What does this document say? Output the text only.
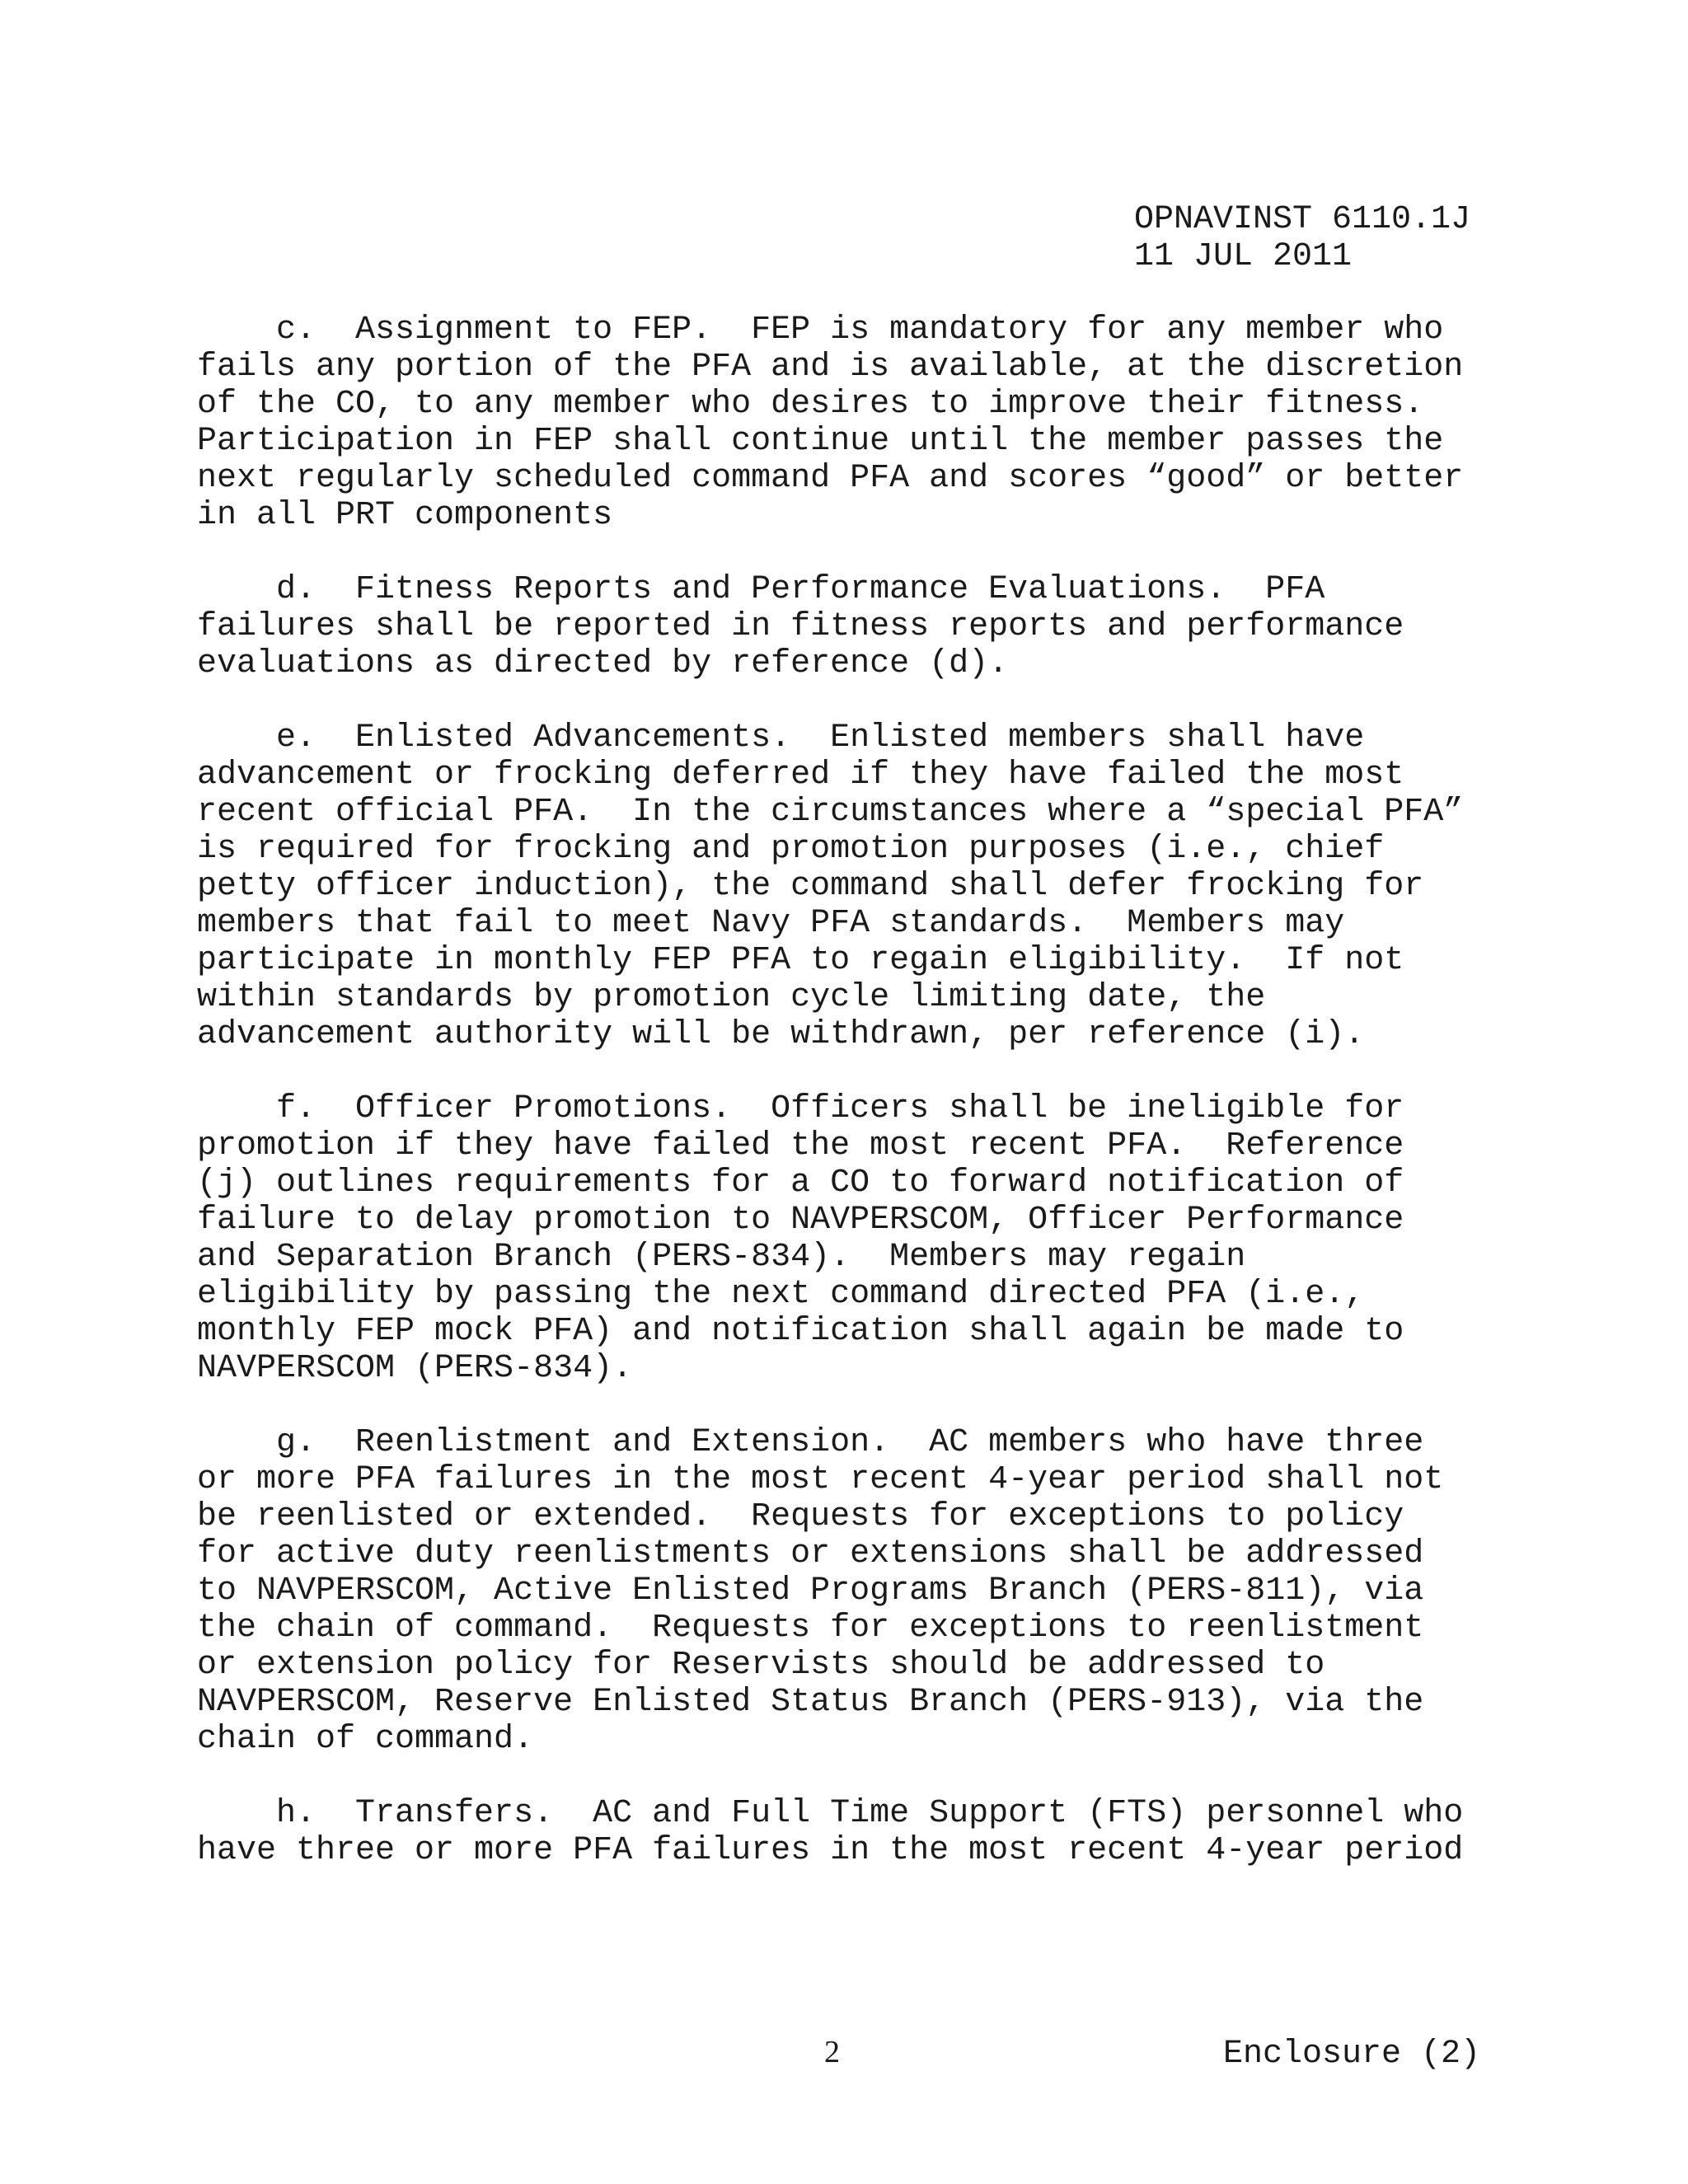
OPNAVINST 6110.1J
11 JUL 2011
c.  Assignment to FEP.  FEP is mandatory for any member who
fails any portion of the PFA and is available, at the discretion
of the CO, to any member who desires to improve their fitness.
Participation in FEP shall continue until the member passes the
next regularly scheduled command PFA and scores “good” or better
in all PRT components
d.  Fitness Reports and Performance Evaluations.  PFA
failures shall be reported in fitness reports and performance
evaluations as directed by reference (d).
e.  Enlisted Advancements.  Enlisted members shall have
advancement or frocking deferred if they have failed the most
recent official PFA.  In the circumstances where a “special PFA”
is required for frocking and promotion purposes (i.e., chief
petty officer induction), the command shall defer frocking for
members that fail to meet Navy PFA standards.  Members may
participate in monthly FEP PFA to regain eligibility.  If not
within standards by promotion cycle limiting date, the
advancement authority will be withdrawn, per reference (i).
f.  Officer Promotions.  Officers shall be ineligible for
promotion if they have failed the most recent PFA.  Reference
(j) outlines requirements for a CO to forward notification of
failure to delay promotion to NAVPERSCOM, Officer Performance
and Separation Branch (PERS-834).  Members may regain
eligibility by passing the next command directed PFA (i.e.,
monthly FEP mock PFA) and notification shall again be made to
NAVPERSCOM (PERS-834).
g.  Reenlistment and Extension.  AC members who have three
or more PFA failures in the most recent 4-year period shall not
be reenlisted or extended.  Requests for exceptions to policy
for active duty reenlistments or extensions shall be addressed
to NAVPERSCOM, Active Enlisted Programs Branch (PERS-811), via
the chain of command.  Requests for exceptions to reenlistment
or extension policy for Reservists should be addressed to
NAVPERSCOM, Reserve Enlisted Status Branch (PERS-913), via the
chain of command.
h.  Transfers.  AC and Full Time Support (FTS) personnel who
have three or more PFA failures in the most recent 4-year period
2	Enclosure (2)
